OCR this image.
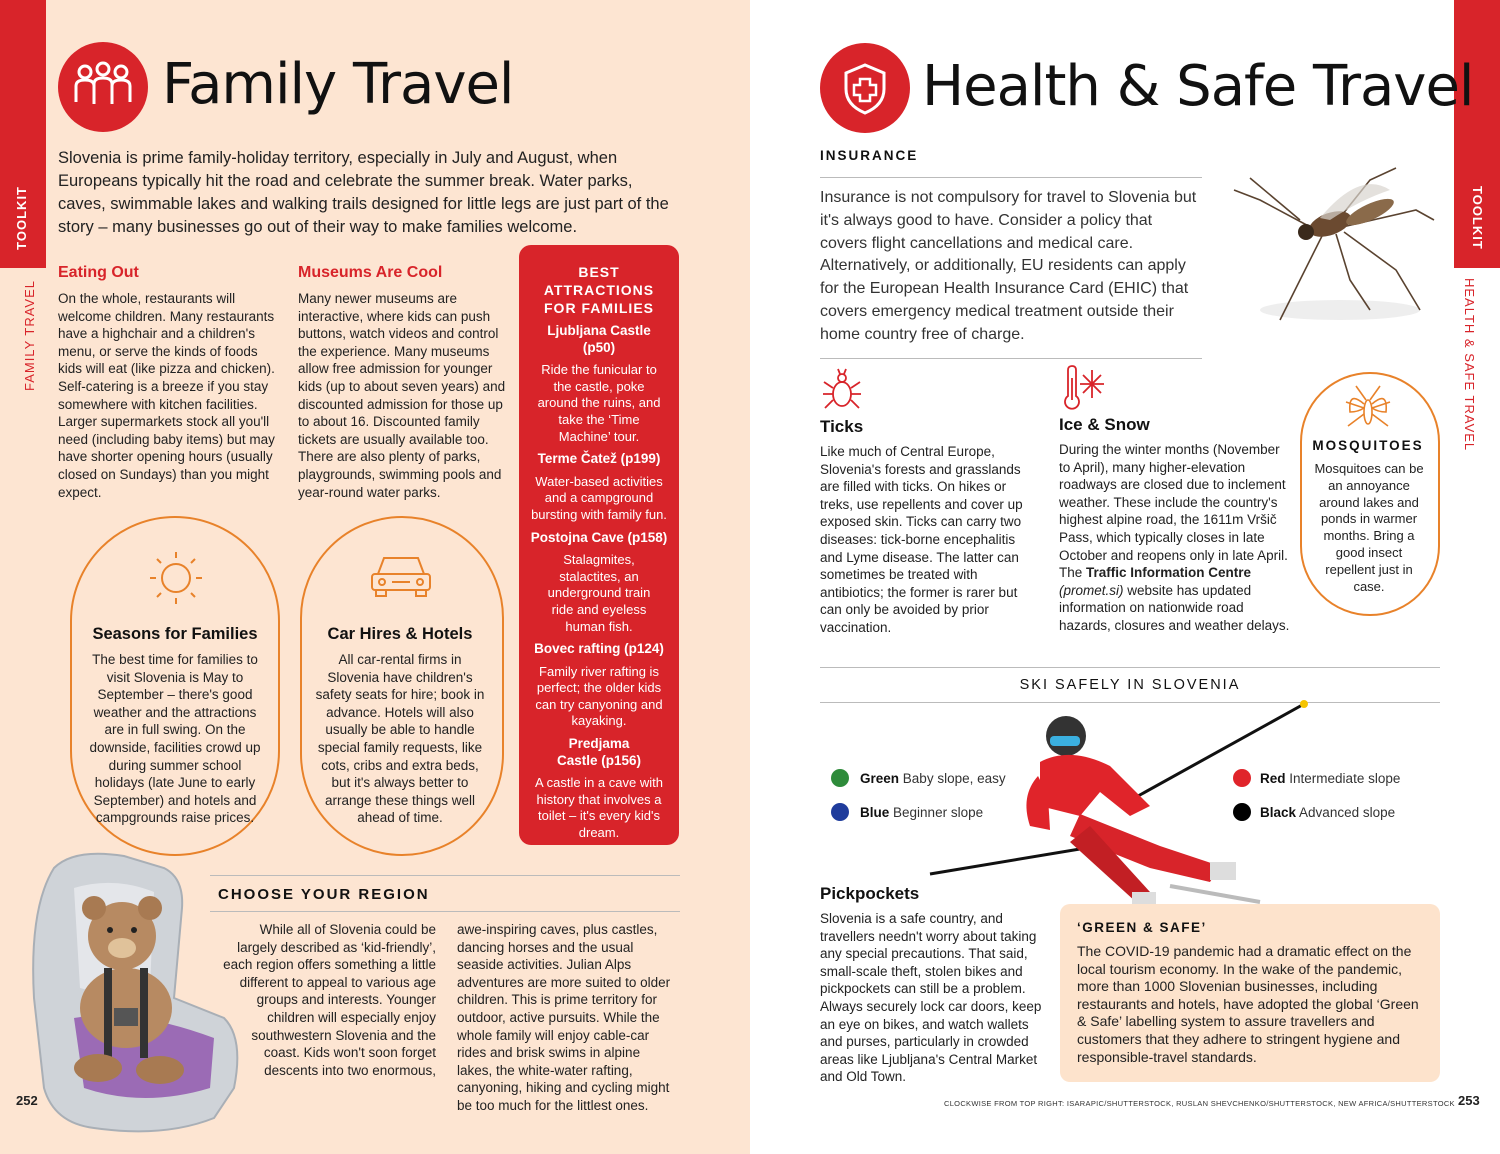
TOOLKIT
FAMILY TRAVEL
Family Travel
Slovenia is prime family-holiday territory, especially in July and August, when Europeans typically hit the road and celebrate the summer break. Water parks, caves, swimmable lakes and walking trails designed for little legs are just part of the story – many businesses go out of their way to make families welcome.
Eating Out
On the whole, restaurants will welcome children. Many restaurants have a highchair and a children's menu, or serve the kinds of foods kids will eat (like pizza and chicken). Self-catering is a breeze if you stay somewhere with kitchen facilities. Larger supermarkets stock all you'll need (including baby items) but may have shorter opening hours (usually closed on Sundays) than you might expect.
Museums Are Cool
Many newer museums are interactive, where kids can push buttons, watch videos and control the experience. Many museums allow free admission for younger kids (up to about seven years) and discounted admission for those up to about 16. Discounted family tickets are usually available too. There are also plenty of parks, playgrounds, swimming pools and year-round water parks.
BEST ATTRACTIONS FOR FAMILIES
Ljubljana Castle (p50)
Ride the funicular to the castle, poke around the ruins, and take the ‘Time Machine’ tour.
Terme Čatež (p199)
Water-based activities and a campground bursting with family fun.
Postojna Cave (p158)
Stalagmites, stalactites, an underground train ride and eyeless human fish.
Bovec rafting (p124)
Family river rafting is perfect; the older kids can try canyoning and kayaking.
Predjama Castle (p156)
A castle in a cave with history that involves a toilet – it's every kid's dream.
Seasons for Families
The best time for families to visit Slovenia is May to September – there's good weather and the attractions are in full swing. On the downside, facilities crowd up during summer school holidays (late June to early September) and hotels and campgrounds raise prices.
Car Hires & Hotels
All car-rental firms in Slovenia have children's safety seats for hire; book in advance. Hotels will also usually be able to handle special family requests, like cots, cribs and extra beds, but it's always better to arrange these things well ahead of time.
CHOOSE YOUR REGION
While all of Slovenia could be largely described as ‘kid-friendly’, each region offers something a little different to appeal to various age groups and interests. Younger children will especially enjoy southwestern Slovenia and the coast. Kids won't soon forget descents into two enormous,
awe-inspiring caves, plus castles, dancing horses and the usual seaside activities. Julian Alps adventures are more suited to older children. This is prime territory for outdoor, active pursuits. While the whole family will enjoy cable-car rides and brisk swims in alpine lakes, the white-water rafting, canyoning, hiking and cycling might be too much for the littlest ones.
252
TOOLKIT
HEALTH & SAFE TRAVEL
Health & Safe Travel
INSURANCE
Insurance is not compulsory for travel to Slovenia but it's always good to have. Consider a policy that covers flight cancellations and medical care. Alternatively, or additionally, EU residents can apply for the European Health Insurance Card (EHIC) that covers emergency medical treatment outside their home country free of charge.
Ticks
Like much of Central Europe, Slovenia's forests and grasslands are filled with ticks. On hikes or treks, use repellents and cover up exposed skin. Ticks can carry two diseases: tick-borne encephalitis and Lyme disease. The latter can sometimes be treated with antibiotics; the former is rarer but can only be avoided by prior vaccination.
Ice & Snow
During the winter months (November to April), many higher-elevation roadways are closed due to inclement weather. These include the country's highest alpine road, the 1611m Vršič Pass, which typically closes in late October and reopens only in late April. The Traffic Information Centre (promet.si) website has updated information on nationwide road hazards, closures and weather delays.
MOSQUITOES
Mosquitoes can be an annoyance around lakes and ponds in warmer months. Bring a good insect repellent just in case.
SKI SAFELY IN SLOVENIA
Green Baby slope, easy
Blue Beginner slope
Red Intermediate slope
Black Advanced slope
Pickpockets
Slovenia is a safe country, and travellers needn't worry about taking any special precautions. That said, small-scale theft, stolen bikes and pickpockets can still be a problem. Always securely lock car doors, keep an eye on bikes, and watch wallets and purses, particularly in crowded areas like Ljubljana's Central Market and Old Town.
‘GREEN & SAFE’
The COVID-19 pandemic had a dramatic effect on the local tourism economy. In the wake of the pandemic, more than 1000 Slovenian businesses, including restaurants and hotels, have adopted the global ‘Green & Safe’ labelling system to assure travellers and customers that they adhere to stringent hygiene and responsible-travel standards.
CLOCKWISE FROM TOP RIGHT: ISARAPIC/SHUTTERSTOCK, RUSLAN SHEVCHENKO/SHUTTERSTOCK, NEW AFRICA/SHUTTERSTOCK 253
